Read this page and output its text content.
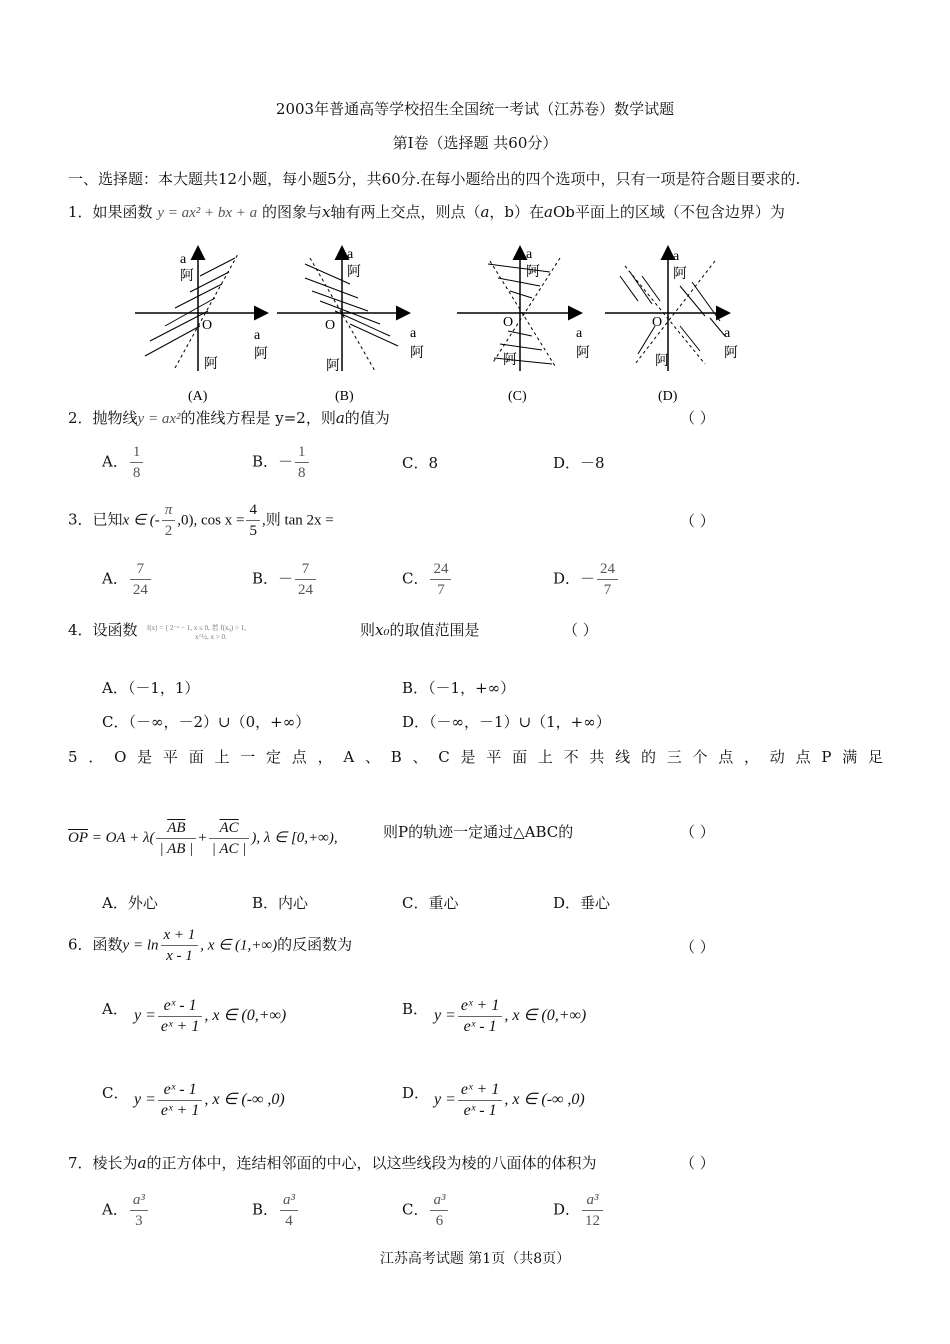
2003年普通高等学校招生全国统一考试（江苏卷）数学试题
第Ⅰ卷（选择题 共60分）
一、选择题：本大题共12小题，每小题5分，共60分.在每小题给出的四个选项中，只有一项是符合题目要求的.
1．如果函数 y = ax² + bx + a 的图象与x轴有两上交点，则点（a，b）在aOb平面上的区域（不包含边界）为
O
a
阿
a
阿
阿
(A)
O
a
阿
a
阿
阿
(B)
O
a
阿
a
阿
阿
(C)
O
a
阿
a
阿
阿
(D)
2．抛物线y = ax²的准线方程是 y=2，则a的值为	（ ）
A． $\frac{1}{8}$	B．－ $\frac{1}{8}$	C．8	D．－8
3．已知x ∈ (- $\frac{\pi}{2} ,0$), $\cos x = \frac{4}{5}$ ,则 tan 2x =	（ ）
A． $\frac{7}{24}$	B．－ $\frac{7}{24}$	C． $\frac{24}{7}$	D．－ $\frac{24}{7}$
4．设函数 f(x) = { 2⁻ˣ − 1, x ≤ 0, 若 f(x₀) > 1,
x^½, x > 0.	则x₀的取值范围是	（ ）
A．（－1，1）	B．（－1，+∞）
C．（－∞，－2）∪（0，+∞）	D．（－∞，－1）∪（1，+∞）
5．O是平面上一定点，A、B、C是平面上不共线的三个点，动点P满足
$\overline{OP}$ = OA + $\lambda( \frac{\overline{AB}}{| AB |} + \frac{\overline{AC}}{| AC |}$ ), λ ∈ [0,+∞),	则P的轨迹一定通过△ABC的	（ ）
A．外心	B．内心	C．重心	D．垂心
6．函数$y = \ln \frac{x + 1}{x - 1}$ , x ∈ (1,+∞)的反函数为	（ ）
A． $y = \frac{\text{eˣ - 1}}{\text{eˣ + 1}}$ , x ∈ (0,+∞)	B． $y = \frac{\text{eˣ + 1}}{\text{eˣ - 1}}$ , x ∈ (0,+∞)
C． $y = \frac{\text{eˣ - 1}}{\text{eˣ + 1}}$ , x ∈ (-∞ ,0)	D． $y = \frac{\text{eˣ + 1}}{\text{eˣ - 1}}$ , x ∈ (-∞ ,0)
7．棱长为a的正方体中，连结相邻面的中心，以这些线段为棱的八面体的体积为	（ ）
A． $\frac{\text{a³}}{3}$	B． $\frac{\text{a³}}{4}$	C． $\frac{\text{a³}}{6}$	D． $\frac{\text{a³}}{12}$
江苏高考试题 第1页（共8页）
